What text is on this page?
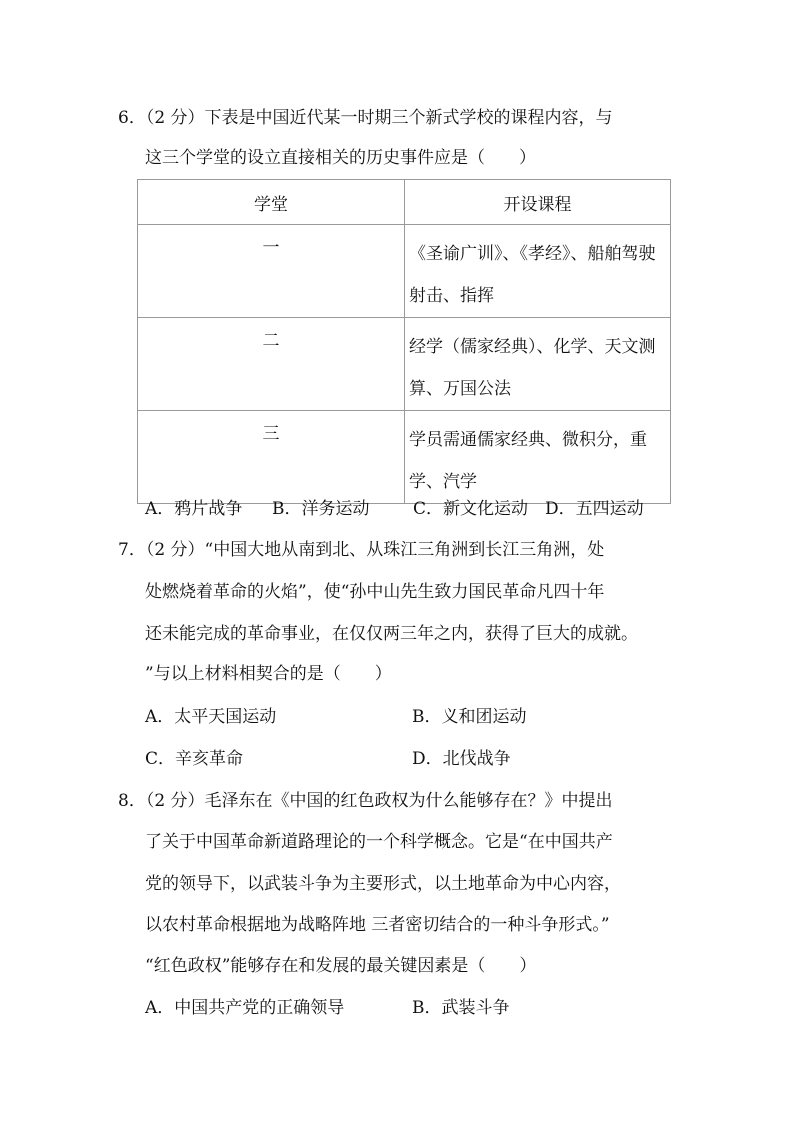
6．（2 分）下表是中国近代某一时期三个新式学校的课程内容，与
这三个学堂的设立直接相关的历史事件应是（　　）
学堂	开设课程
一	《圣谕广训》、《孝经》、船舶驾驶射击、指挥
二	经学（儒家经典）、化学、天文测算、万国公法
三	学员需通儒家经典、微积分，重学、汽学
A．鸦片战争 B．洋务运动	C．新文化运动 D．五四运动
7．（2 分）“中国大地从南到北、从珠江三角洲到长江三角洲，处
处燃烧着革命的火焰”，使“孙中山先生致力国民革命凡四十年
还未能完成的革命事业，在仅仅两三年之内，获得了巨大的成就。
”与以上材料相契合的是（　　）
A．太平天国运动	B．义和团运动
C．辛亥革命	D．北伐战争
8．（2 分）毛泽东在《中国的红色政权为什么能够存在？》中提出
了关于中国革命新道路理论的一个科学概念。它是“在中国共产
党的领导下，以武装斗争为主要形式，以土地革命为中心内容，
以农村革命根据地为战略阵地 三者密切结合的一种斗争形式。”
“红色政权”能够存在和发展的最关键因素是（　　）
A．中国共产党的正确领导	B．武装斗争
